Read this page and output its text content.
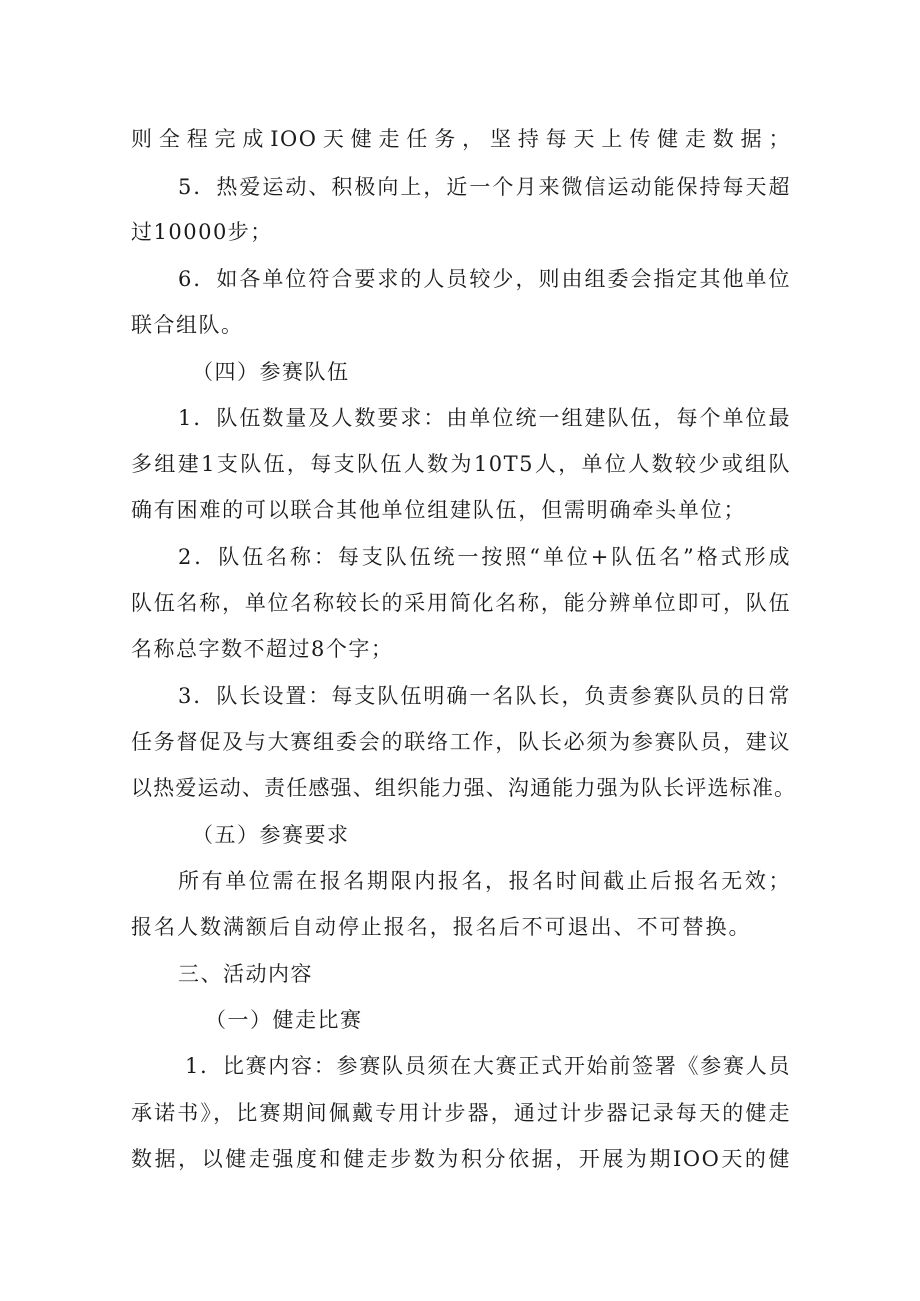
则全程完成IOO天健走任务，坚持每天上传健走数据；
5．热爱运动、积极向上，近一个月来微信运动能保持每天超
过10000步；
6．如各单位符合要求的人员较少，则由组委会指定其他单位
联合组队。
（四）参赛队伍
1．队伍数量及人数要求：由单位统一组建队伍，每个单位最
多组建1支队伍，每支队伍人数为10T5人，单位人数较少或组队
确有困难的可以联合其他单位组建队伍，但需明确牵头单位；
2．队伍名称：每支队伍统一按照“单位+队伍名”格式形成
队伍名称，单位名称较长的采用简化名称，能分辨单位即可，队伍
名称总字数不超过8个字；
3．队长设置：每支队伍明确一名队长，负责参赛队员的日常
任务督促及与大赛组委会的联络工作，队长必须为参赛队员，建议
以热爱运动、责任感强、组织能力强、沟通能力强为队长评选标准。
（五）参赛要求
所有单位需在报名期限内报名，报名时间截止后报名无效；
报名人数满额后自动停止报名，报名后不可退出、不可替换。
三、活动内容
（一）健走比赛
1．比赛内容：参赛队员须在大赛正式开始前签署《参赛人员
承诺书》，比赛期间佩戴专用计步器，通过计步器记录每天的健走
数据，以健走强度和健走步数为积分依据，开展为期IOO天的健
